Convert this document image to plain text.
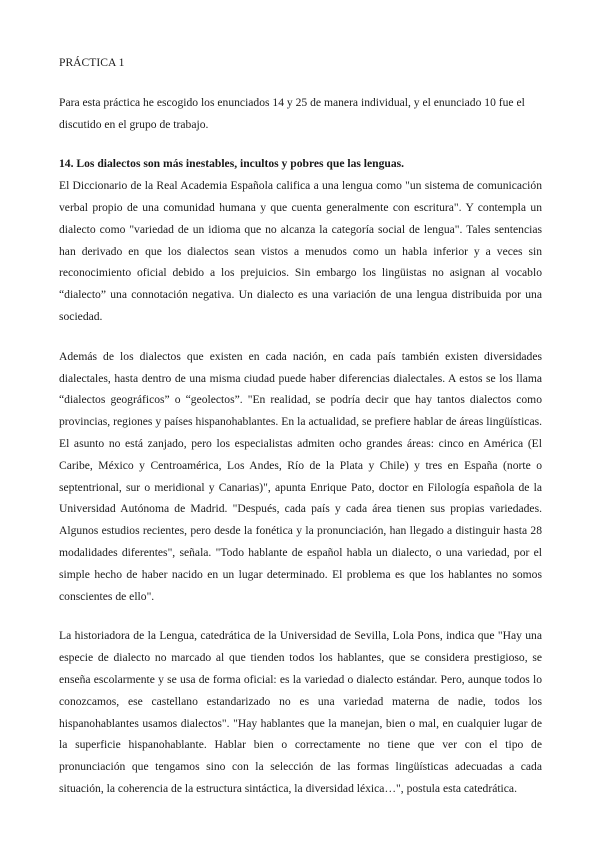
PRÁCTICA 1

Para esta práctica he escogido los enunciados 14 y 25 de manera individual, y el enunciado 10 fue el discutido en el grupo de trabajo.

14. Los dialectos son más inestables, incultos y pobres que las lenguas.

El Diccionario de la Real Academia Española califica a una lengua como "un sistema de comunicación verbal propio de una comunidad humana y que cuenta generalmente con escritura". Y contempla un dialecto como "variedad de un idioma que no alcanza la categoría social de lengua". Tales sentencias han derivado en que los dialectos sean vistos a menudos como un habla inferior y a veces sin reconocimiento oficial debido a los prejuicios. Sin embargo los lingüistas no asignan al vocablo “dialecto” una connotación negativa. Un dialecto es una variación de una lengua distribuida por una sociedad.

Además de los dialectos que existen en cada nación, en cada país también existen diversidades dialectales, hasta dentro de una misma ciudad puede haber diferencias dialectales. A estos se los llama “dialectos geográficos” o “geolectos”. "En realidad, se podría decir que hay tantos dialectos como provincias, regiones y países hispanohablantes. En la actualidad, se prefiere hablar de áreas lingüísticas. El asunto no está zanjado, pero los especialistas admiten ocho grandes áreas: cinco en América (El Caribe, México y Centroamérica, Los Andes, Río de la Plata y Chile) y tres en España (norte o septentrional, sur o meridional y Canarias)", apunta Enrique Pato, doctor en Filología española de la Universidad Autónoma de Madrid. "Después, cada país y cada área tienen sus propias variedades. Algunos estudios recientes, pero desde la fonética y la pronunciación, han llegado a distinguir hasta 28 modalidades diferentes", señala. "Todo hablante de español habla un dialecto, o una variedad, por el simple hecho de haber nacido en un lugar determinado. El problema es que los hablantes no somos conscientes de ello".

La historiadora de la Lengua, catedrática de la Universidad de Sevilla, Lola Pons, indica que "Hay una especie de dialecto no marcado al que tienden todos los hablantes, que se considera prestigioso, se enseña escolarmente y se usa de forma oficial: es la variedad o dialecto estándar. Pero, aunque todos lo conozcamos, ese castellano estandarizado no es una variedad materna de nadie, todos los hispanohablantes usamos dialectos". "Hay hablantes que la manejan, bien o mal, en cualquier lugar de la superficie hispanohablante. Hablar bien o correctamente no tiene que ver con el tipo de pronunciación que tengamos sino con la selección de las formas lingüísticas adecuadas a cada situación, la coherencia de la estructura sintáctica, la diversidad léxica…", postula esta catedrática.
